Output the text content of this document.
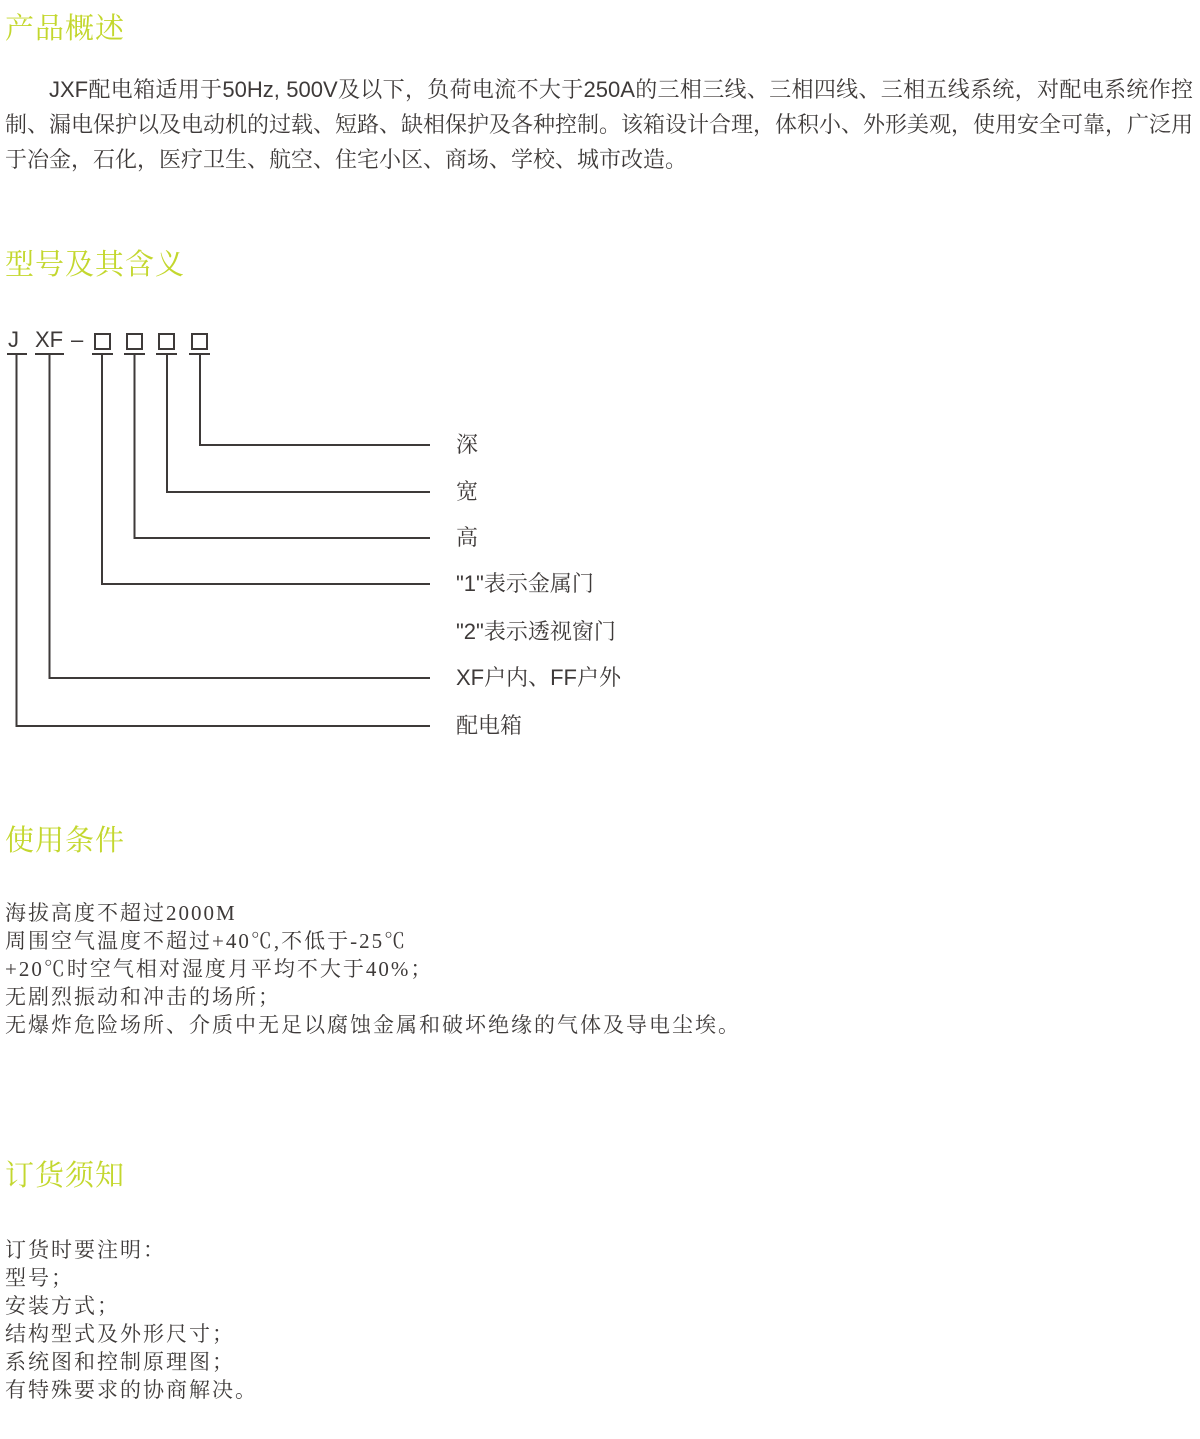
产品概述

JXF配电箱适用于50Hz, 500V及以下，负荷电流不大于250A的三相三线、三相四线、三相五线系统，对配电系统作控制、漏电保护以及电动机的过载、短路、缺相保护及各种控制。该箱设计合理，体积小、外形美观，使用安全可靠，广泛用于冶金，石化，医疗卫生、航空、住宅小区、商场、学校、城市改造。

型号及其含义
J XF –
深
宽
高
"1"表示金属门
"2"表示透视窗门
XF户内、FF户外
配电箱
使用条件
海拔高度不超过2000M
周围空气温度不超过+40℃,不低于-25℃
+20℃时空气相对湿度月平均不大于40%；
无剧烈振动和冲击的场所；
无爆炸危险场所、介质中无足以腐蚀金属和破坏绝缘的气体及导电尘埃。
订货须知
订货时要注明：
型号；
安装方式；
结构型式及外形尺寸；
系统图和控制原理图；
有特殊要求的协商解决。
